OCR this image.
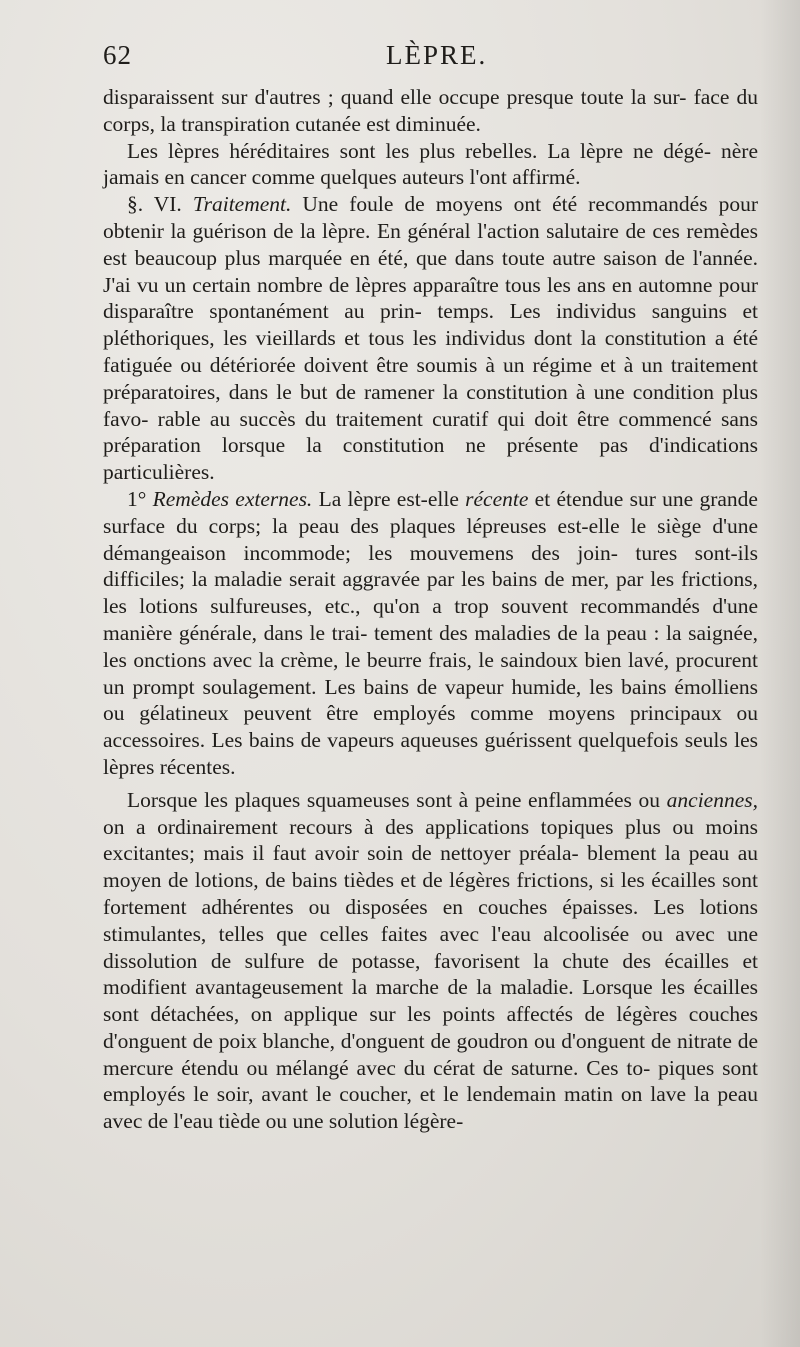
62	LÈPRE.

disparaissent sur d'autres ; quand elle occupe presque toute la sur- face du corps, la transpiration cutanée est diminuée.

Les lèpres héréditaires sont les plus rebelles. La lèpre ne dégé- nère jamais en cancer comme quelques auteurs l'ont affirmé.

§. VI. Traitement. Une foule de moyens ont été recommandés pour obtenir la guérison de la lèpre. En général l'action salutaire de ces remèdes est beaucoup plus marquée en été, que dans toute autre saison de l'année. J'ai vu un certain nombre de lèpres apparaître tous les ans en automne pour disparaître spontanément au prin- temps. Les individus sanguins et pléthoriques, les vieillards et tous les individus dont la constitution a été fatiguée ou détériorée doivent être soumis à un régime et à un traitement préparatoires, dans le but de ramener la constitution à une condition plus favo- rable au succès du traitement curatif qui doit être commencé sans préparation lorsque la constitution ne présente pas d'indications particulières.

1° Remèdes externes. La lèpre est-elle récente et étendue sur une grande surface du corps; la peau des plaques lépreuses est-elle le siège d'une démangeaison incommode; les mouvemens des join- tures sont-ils difficiles; la maladie serait aggravée par les bains de mer, par les frictions, les lotions sulfureuses, etc., qu'on a trop souvent recommandés d'une manière générale, dans le trai- tement des maladies de la peau : la saignée, les onctions avec la crème, le beurre frais, le saindoux bien lavé, procurent un prompt soulagement. Les bains de vapeur humide, les bains émolliens ou gélatineux peuvent être employés comme moyens principaux ou accessoires. Les bains de vapeurs aqueuses guérissent quelquefois seuls les lèpres récentes.

Lorsque les plaques squameuses sont à peine enflammées ou anciennes, on a ordinairement recours à des applications topiques plus ou moins excitantes; mais il faut avoir soin de nettoyer préala- blement la peau au moyen de lotions, de bains tièdes et de légères frictions, si les écailles sont fortement adhérentes ou disposées en couches épaisses. Les lotions stimulantes, telles que celles faites avec l'eau alcoolisée ou avec une dissolution de sulfure de potasse, favorisent la chute des écailles et modifient avantageusement la marche de la maladie. Lorsque les écailles sont détachées, on applique sur les points affectés de légères couches d'onguent de poix blanche, d'onguent de goudron ou d'onguent de nitrate de mercure étendu ou mélangé avec du cérat de saturne. Ces to- piques sont employés le soir, avant le coucher, et le lendemain matin on lave la peau avec de l'eau tiède ou une solution légère-
